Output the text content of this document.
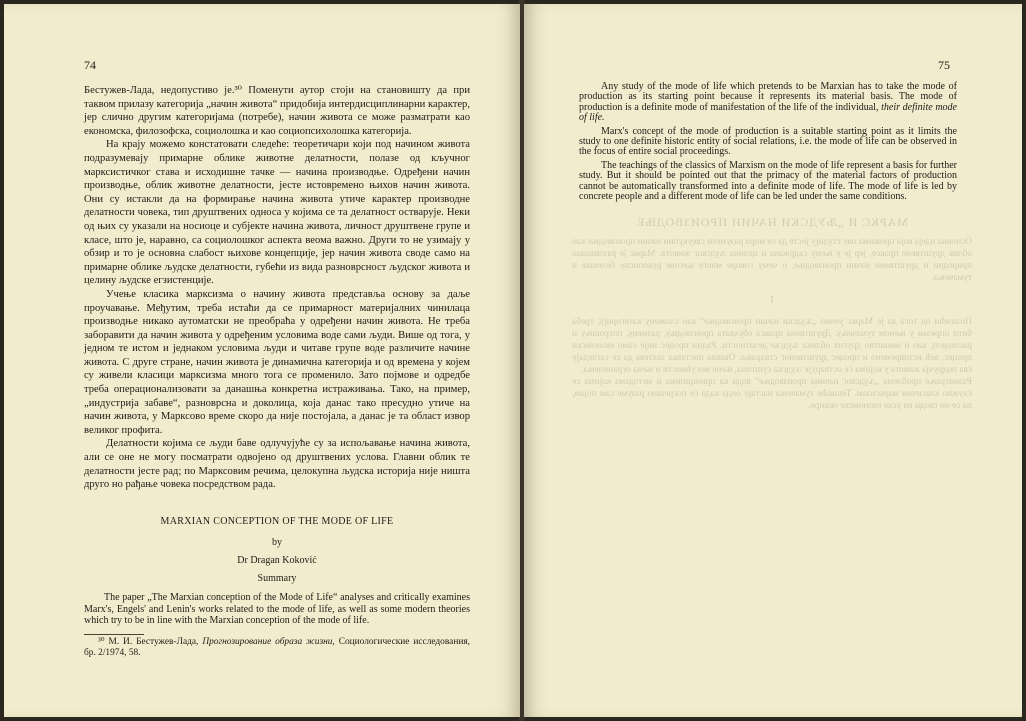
74

Бестужев-Лада, недопустиво је.³⁰ Поменути аутор стоји на становишту да при таквом прилазу категорија „начин живота“ придобија интердисциплинарни карактер, јер слично другим категоријама (потребе), начин живота се може разматрати као економска, филозофска, социолошка и као социопсихолошка категорија.

На крају можемо констатовати следеће: теоретичари који под начином живота подразумевају примарне облике животне делатности, полазе од кључног марксистичког става и исходишне тачке — начина производње. Одређени начин производње, облик животне делатности, јесте истовремено њихов начин живота. Они су истакли да на формирање начина живота утиче карактер производне делатности човека, тип друштвених односа у којима се та делатност остварује. Неки од њих су указали на носиоце и субјекте начина живота, личност друштвене групе и класе, што је, наравно, са социолошког аспекта веома важно. Други то не узимају у обзир и то је основна слабост њихове концепције, јер начин живота своде само на примарне облике људске делатности, губећи из вида разноврсност људског живота и целину људске егзистенције.

Учење класика марксизма о начину живота представља основу за даље проучавање. Међутим, треба истаћи да се примарност материјалних чинилаца производње никако аутоматски не преобраћа у одређени начин живота. Не треба заборавити да начин живота у одређеним условима воде сами људи. Више од тога, у једном те истом и једнаком условима људи и читаве групе воде различите начине живота. С друге стране, начин живота је динамична категорија и од времена у којем су живели класици марксизма много тога се променило. Зато појмове и одредбе треба операционализовати за данашња конкретна истраживања. Тако, на пример, „индустрија забаве“, разноврсна и доколица, која данас тако пресудно утиче на начин живота, у Марксово време скоро да није постојала, а данас је та област извор великог профита.

Делатности којима се људи баве одлучујуће су за испољавање начина живота, али се оне не могу посматрати одвојено од друштвених услова. Главни облик те делатности јесте рад; по Марксовим речима, целокупна људска историја није ништа друго но рађање човека посредством рада.

MARXIAN CONCEPTION OF THE MODE OF LIFE
by
Dr Dragan Koković
Summary
The paper „The Marxian conception of the Mode of Life“ analyses and critically examines Marx's, Engels' and Lenin's works related to the mode of life, as well as some modern theories which try to be in line with the Marxian conception of the mode of life.
³⁰ М. И. Бестужев-Лада, Прогнозирование образа жизни, Социологические исследования, бр. 2/1974, 58.
75

Any study of the mode of life which pretends to be Marxian has to take the mode of production as its starting point because it represents its material basis. The mode of production is a definite mode of manifestation of the life of the individual, their definite mode of life.

Marx's concept of the mode of production is a suitable starting point as it limits the study to one definite historic entity of social relations, i.e. the mode of life can be observed in the focus of entire social proceedings.

The teachings of the classics of Marxism on the mode of life represent a basis for further study. But it should be pointed out that the primacy of the material factors of production cannot be automatically transformed into a definite mode of life. The mode of life is led by concrete people and a different mode of life can be led under the same conditions.

МАРКС И „ЉУДСКИ НАЧИН ПРОИЗВОДЊЕ
Основна идеја која прожима ову студију јесте да се мора разумети свеукупни начин производње као облик друштвене праксе, јер је у њему садржана и целина људског живота. Маркс је разликовао природни и друштвени начин производње, о чему говоре многе његове рукописне белешке и тумачења.
I
Полазећи од тога да је Маркс уочио „људски начин производње“ као сложену категорију, треба бити опрезан у њеном тумачењу. Друштвена пракса обухвата производњу, размену, потрошњу и расподелу, као и мноштво других облика људске делатности. Радни процес није само економски процес, већ истовремено и процес друштвеног стварања. Оваква поставка захтева да се сагледају сва подручја живота у којима се остварује људска суштина, њене могућности и њена ограничења.
Разматрање проблема „људског начина производње“ води ка принципима и методама којима се служио класични марксизам. Тешкоће тумачења настају онда када се погрешно разуме сам појам, па се он своди на уске економске оквире.
